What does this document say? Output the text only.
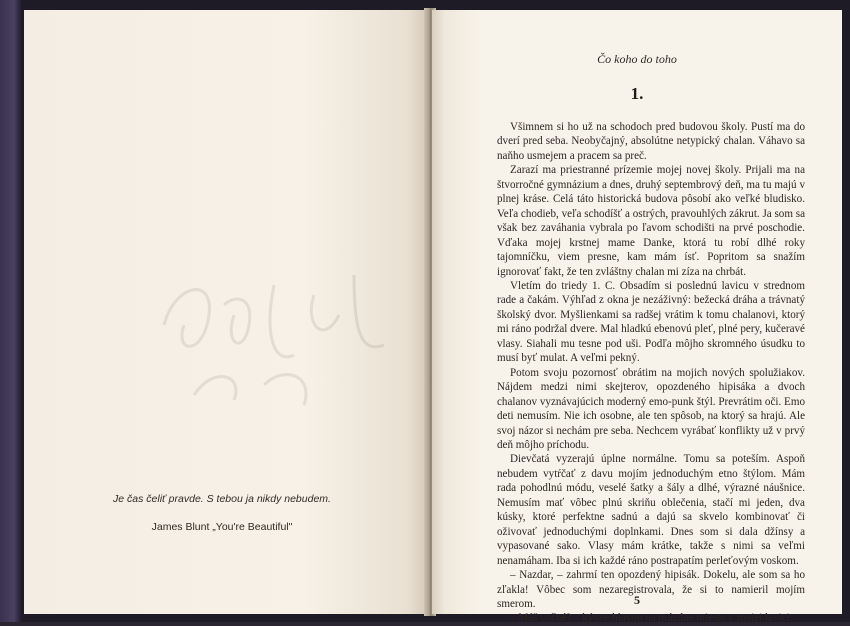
Je čas čeliť pravde. S tebou ja nikdy nebudem.
James Blunt „You're Beautiful"
Čo koho do toho
1.

Všimnem si ho už na schodoch pred budovou školy. Pustí ma do dverí pred seba. Neobyčajný, absolútne netypický chalan. Váhavo sa naňho usmejem a pracem sa preč.

Zarazí ma priestranné prízemie mojej novej školy. Prijali ma na štvorročné gymnázium a dnes, druhý septembrový deň, ma tu majú v plnej kráse. Celá táto historická budova pôsobí ako veľké bludisko. Veľa chodieb, veľa schodíšť a ostrých, pravouhlých zákrut. Ja som sa však bez zaváhania vybrala po ľavom schodišti na prvé poschodie. Vďaka mojej krstnej mame Danke, ktorá tu robí dlhé roky tajomníčku, viem presne, kam mám ísť. Popritom sa snažím ignorovať fakt, že ten zvláštny chalan mi zíza na chrbát.

Vletím do triedy 1. C. Obsadím si poslednú lavicu v strednom rade a čakám. Výhľad z okna je nezáživný: bežecká dráha a trávnatý školský dvor. Myšlienkami sa radšej vrátim k tomu chalanovi, ktorý mi ráno podržal dvere. Mal hladkú ebenovú pleť, plné pery, kučeravé vlasy. Siahali mu tesne pod uši. Podľa môjho skromného úsudku to musí byť mulat. A veľmi pekný.

Potom svoju pozornosť obrátim na mojich nových spolužiakov. Nájdem medzi nimi skejterov, opozdeného hipisáka a dvoch chalanov vyznávajúcich moderný emo-punk štýl. Prevrátim oči. Emo deti nemusím. Nie ich osobne, ale ten spôsob, na ktorý sa hrajú. Ale svoj názor si nechám pre seba. Nechcem vyrábať konflikty už v prvý deň môjho príchodu.

Dievčatá vyzerajú úplne normálne. Tomu sa poteším. Aspoň nebudem vytŕčať z davu mojím jednoduchým etno štýlom. Mám rada pohodlnú módu, veselé šatky a šály a dlhé, výrazné náušnice. Nemusím mať vôbec plnú skriňu oblečenia, stačí mi jeden, dva kúsky, ktoré perfektne sadnú a dajú sa skvelo kombinovať či oživovať jednoduchými doplnkami. Dnes som si dala džínsy a vypasované sako. Vlasy mám krátke, takže s nimi sa veľmi nenamáham. Iba si ich každé ráno postrapatím perleťovým voskom.

– Nazdar, – zahrmí ten opozdený hipisák. Dokelu, ale som sa ho zľakla! Vôbec som nezaregistrovala, že si to namieril mojím smerom.

– Máš voľné? – kývne hlavou na prázdne miesto v mojej lavici.

5
